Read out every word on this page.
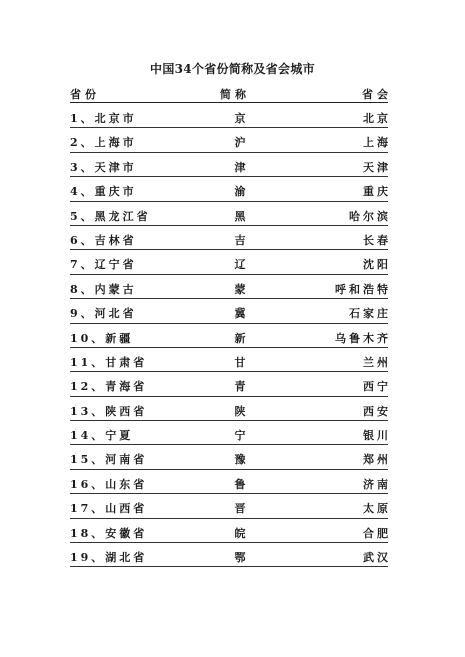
中国34个省份简称及省会城市
省份	简称	省会
1、北京市	京	北京
2、上海市	沪	上海
3、天津市	津	天津
4、重庆市	渝	重庆
5、黑龙江省	黑	哈尔滨
6、吉林省	吉	长春
7、辽宁省	辽	沈阳
8、内蒙古	蒙	呼和浩特
9、河北省	冀	石家庄
10、新疆	新	乌鲁木齐
11、甘肃省	甘	兰州
12、青海省	青	西宁
13、陕西省	陕	西安
14、宁夏	宁	银川
15、河南省	豫	郑州
16、山东省	鲁	济南
17、山西省	晋	太原
18、安徽省	皖	合肥
19、湖北省	鄂	武汉
